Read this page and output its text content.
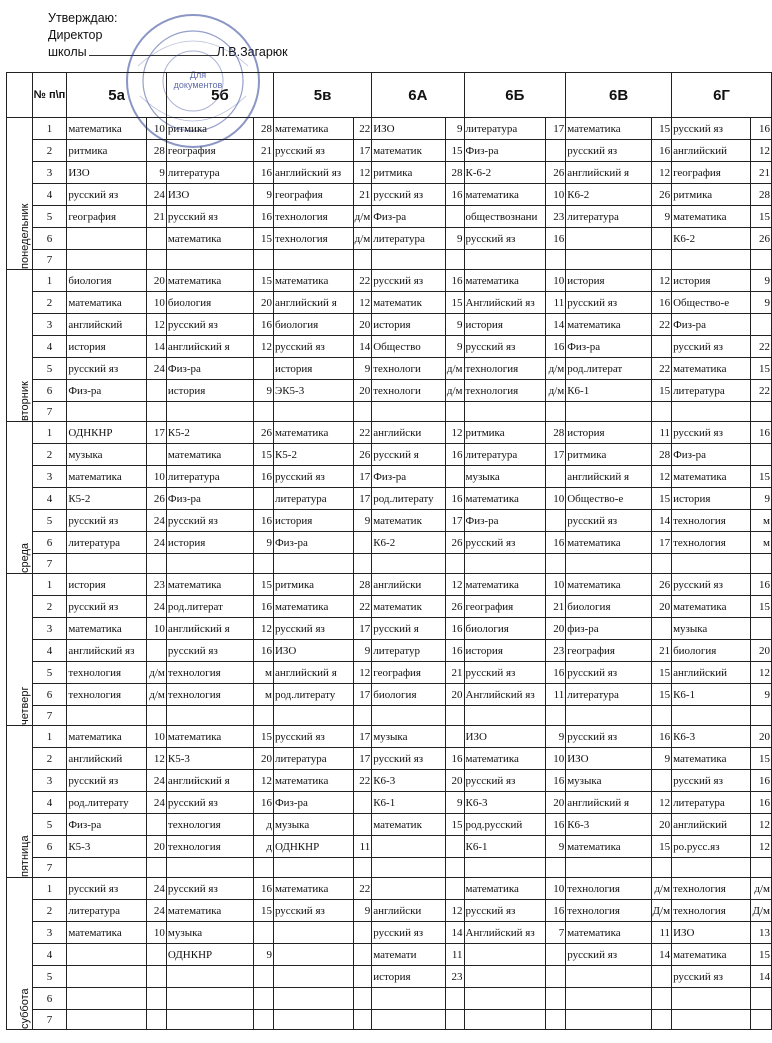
Утверждаю:
Директор
школы	Л.В.Загарюк
Для документов
	№ п\п	5а		5б		5в		6А		6Б		6В		6Г	
понедельник	1	математика	10	ритмика	28	математика	22	ИЗО	9	литература	17	математика	15	русский яз	16
	2	ритмика	28	география	21	русский яз	17	математик	15	Физ-ра		русский яз	16	английский	12
	3	ИЗО	9	литература	16	английский яз	12	ритмика	28	К-6-2	26	английский я	12	география	21
	4	русский яз	24	ИЗО	9	география	21	русский яз	16	математика	10	К6-2	26	ритмика	28
	5	география	21	русский яз	16	технология	д/м	Физ-ра		обществознани	23	литература	9	математика	15
	6			математика	15	технология	д/м	литература	9	русский яз	16			К6-2	26
	7														
вторник	1	биология	20	математика	15	математика	22	русский яз	16	математика	10	история	12	история	9
	2	математика	10	биология	20	английский я	12	математик	15	Английский яз	11	русский яз	16	Общество-е	9
	3	английский	12	русский яз	16	биология	20	история	9	история	14	математика	22	Физ-ра	
	4	история	14	английский я	12	русский яз	14	Общество	9	русский яз	16	Физ-ра		русский яз	22
	5	русский яз	24	Физ-ра		история	9	технологи	д/м	технология	д/м	род.литерат	22	математика	15
	6	Физ-ра		история	9	ЭК5-3	20	технологи	д/м	технология	д/м	К6-1	15	литература	22
	7														
среда	1	ОДНКНР	17	К5-2	26	математика	22	английски	12	ритмика	28	история	11	русский яз	16
	2	музыка		математика	15	К5-2	26	русский я	16	литература	17	ритмика	28	Физ-ра	
	3	математика	10	литература	16	русский яз	17	Физ-ра		музыка		английский я	12	математика	15
	4	К5-2	26	Физ-ра		литература	17	род.литерату	16	математика	10	Общество-е	15	история	9
	5	русский яз	24	русский яз	16	история	9	математик	17	Физ-ра		русский яз	14	технология	м
	6	литература	24	история	9	Физ-ра		К6-2	26	русский яз	16	математика	17	технология	м
	7														
четверг	1	история	23	математика	15	ритмика	28	английски	12	математика	10	математика	26	русский яз	16
	2	русский яз	24	род.литерат	16	математика	22	математик	26	география	21	биология	20	математика	15
	3	математика	10	английский я	12	русский яз	17	русский я	16	биология	20	физ-ра		музыка	
	4	английский яз		русский яз	16	ИЗО	9	литератур	16	история	23	география	21	биология	20
	5	технология	д/м	технология	м	английский я	12	география	21	русский яз	16	русский яз	15	английский	12
	6	технология	д/м	технология	м	род.литерату	17	биология	20	Английский яз	11	литература	15	К6-1	9
	7														
пятница	1	математика	10	математика	15	русский яз	17	музыка		ИЗО	9	русский яз	16	К6-3	20
	2	английский	12	К5-3	20	литература	17	русский яз	16	математика	10	ИЗО	9	математика	15
	3	русский яз	24	английский я	12	математика	22	К6-3	20	русский яз	16	музыка		русский яз	16
	4	род.литерату	24	русский яз	16	Физ-ра		К6-1	9	К6-3	20	английский я	12	литература	16
	5	Физ-ра		технология	д	музыка		математик	15	род.русский	16	К6-3	20	английский	12
	6	К5-3	20	технология	д	ОДНКНР	11			К6-1	9	математика	15	ро.русс.яз	12
	7														
суббота	1	русский яз	24	русский яз	16	математика	22			математика	10	технология	д/м	технология	д/м
	2	литература	24	математика	15	русский яз	9	английски	12	русский яз	16	технология	Д/м	технология	Д/м
	3	математика	10	музыка				русский яз	14	Английский яз	7	математика	11	ИЗО	13
	4			ОДНКНР	9			математи	11			русский яз	14	математика	15
	5							история	23					русский яз	14
	6														
	7														
